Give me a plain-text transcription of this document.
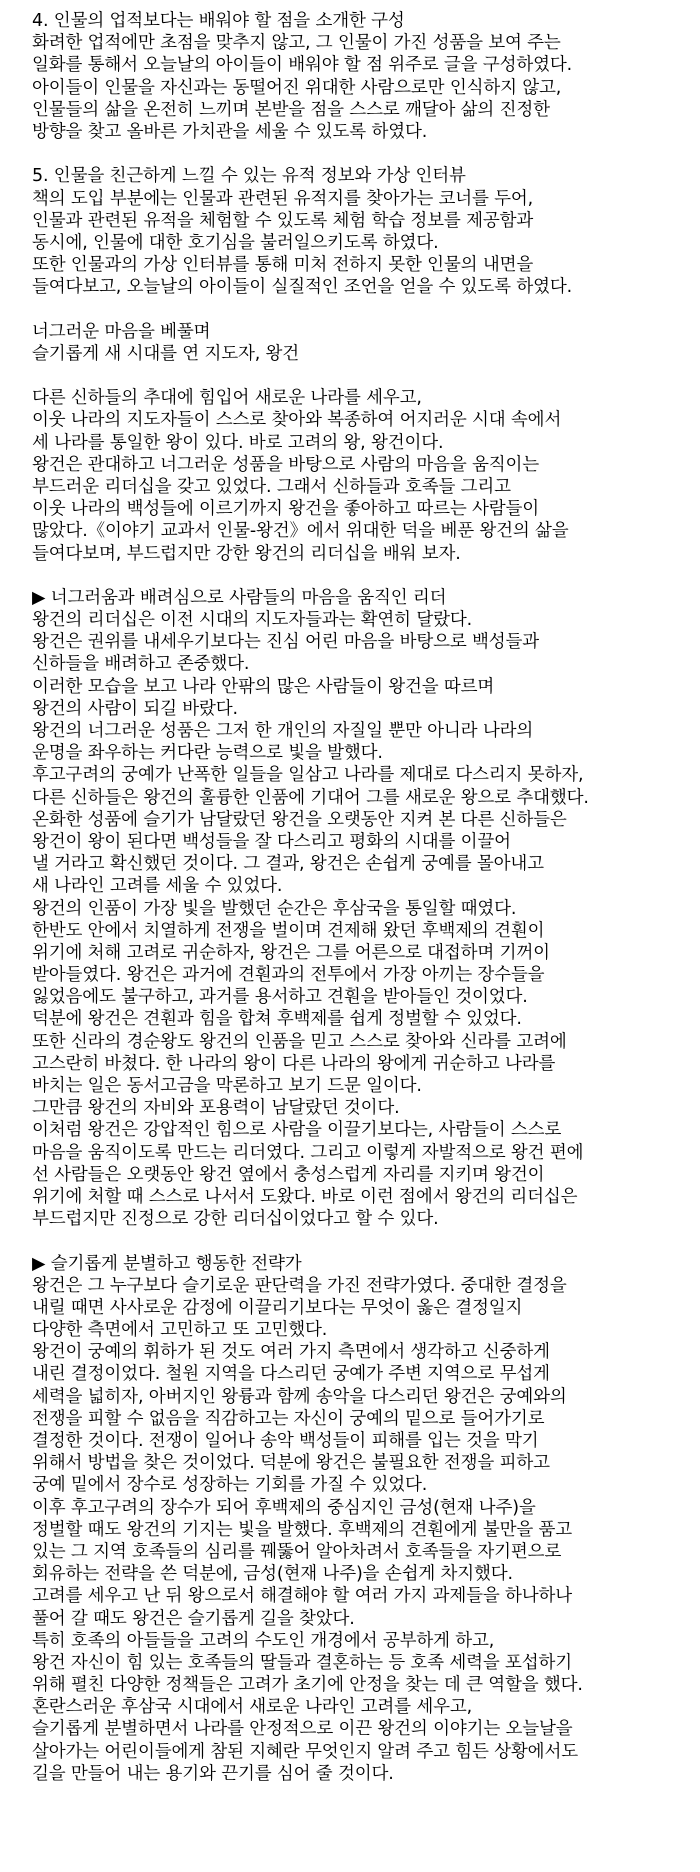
4. 인물의 업적보다는 배워야 할 점을 소개한 구성
화려한 업적에만 초점을 맞추지 않고, 그 인물이 가진 성품을 보여 주는
일화를 통해서 오늘날의 아이들이 배워야 할 점 위주로 글을 구성하였다.
아이들이 인물을 자신과는 동떨어진 위대한 사람으로만 인식하지 않고,
인물들의 삶을 온전히 느끼며 본받을 점을 스스로 깨달아 삶의 진정한
방향을 찾고 올바른 가치관을 세울 수 있도록 하였다.
5. 인물을 친근하게 느낄 수 있는 유적 정보와 가상 인터뷰
책의 도입 부분에는 인물과 관련된 유적지를 찾아가는 코너를 두어,
인물과 관련된 유적을 체험할 수 있도록 체험 학습 정보를 제공함과
동시에, 인물에 대한 호기심을 불러일으키도록 하였다.
또한 인물과의 가상 인터뷰를 통해 미처 전하지 못한 인물의 내면을
들여다보고, 오늘날의 아이들이 실질적인 조언을 얻을 수 있도록 하였다.
너그러운 마음을 베풀며
슬기롭게 새 시대를 연 지도자, 왕건
다른 신하들의 추대에 힘입어 새로운 나라를 세우고,
이웃 나라의 지도자들이 스스로 찾아와 복종하여 어지러운 시대 속에서
세 나라를 통일한 왕이 있다. 바로 고려의 왕, 왕건이다.
왕건은 관대하고 너그러운 성품을 바탕으로 사람의 마음을 움직이는
부드러운 리더십을 갖고 있었다. 그래서 신하들과 호족들 그리고
이웃 나라의 백성들에 이르기까지 왕건을 좋아하고 따르는 사람들이
많았다.《이야기 교과서 인물-왕건》에서 위대한 덕을 베푼 왕건의 삶을
들여다보며, 부드럽지만 강한 왕건의 리더십을 배워 보자.
▶ 너그러움과 배려심으로 사람들의 마음을 움직인 리더
왕건의 리더십은 이전 시대의 지도자들과는 확연히 달랐다.
왕건은 권위를 내세우기보다는 진심 어린 마음을 바탕으로 백성들과
신하들을 배려하고 존중했다.
이러한 모습을 보고 나라 안팎의 많은 사람들이 왕건을 따르며
왕건의 사람이 되길 바랐다.
왕건의 너그러운 성품은 그저 한 개인의 자질일 뿐만 아니라 나라의
운명을 좌우하는 커다란 능력으로 빛을 발했다.
후고구려의 궁예가 난폭한 일들을 일삼고 나라를 제대로 다스리지 못하자,
다른 신하들은 왕건의 훌륭한 인품에 기대어 그를 새로운 왕으로 추대했다.
온화한 성품에 슬기가 남달랐던 왕건을 오랫동안 지켜 본 다른 신하들은
왕건이 왕이 된다면 백성들을 잘 다스리고 평화의 시대를 이끌어
낼 거라고 확신했던 것이다. 그 결과, 왕건은 손쉽게 궁예를 몰아내고
새 나라인 고려를 세울 수 있었다.
왕건의 인품이 가장 빛을 발했던 순간은 후삼국을 통일할 때였다.
한반도 안에서 치열하게 전쟁을 벌이며 견제해 왔던 후백제의 견훤이
위기에 처해 고려로 귀순하자, 왕건은 그를 어른으로 대접하며 기꺼이
받아들였다. 왕건은 과거에 견훤과의 전투에서 가장 아끼는 장수들을
잃었음에도 불구하고, 과거를 용서하고 견훤을 받아들인 것이었다.
덕분에 왕건은 견훤과 힘을 합쳐 후백제를 쉽게 정벌할 수 있었다.
또한 신라의 경순왕도 왕건의 인품을 믿고 스스로 찾아와 신라를 고려에
고스란히 바쳤다. 한 나라의 왕이 다른 나라의 왕에게 귀순하고 나라를
바치는 일은 동서고금을 막론하고 보기 드문 일이다.
그만큼 왕건의 자비와 포용력이 남달랐던 것이다.
이처럼 왕건은 강압적인 힘으로 사람을 이끌기보다는, 사람들이 스스로
마음을 움직이도록 만드는 리더였다. 그리고 이렇게 자발적으로 왕건 편에
선 사람들은 오랫동안 왕건 옆에서 충성스럽게 자리를 지키며 왕건이
위기에 처할 때 스스로 나서서 도왔다. 바로 이런 점에서 왕건의 리더십은
부드럽지만 진정으로 강한 리더십이었다고 할 수 있다.
▶ 슬기롭게 분별하고 행동한 전략가
왕건은 그 누구보다 슬기로운 판단력을 가진 전략가였다. 중대한 결정을
내릴 때면 사사로운 감정에 이끌리기보다는 무엇이 옳은 결정일지
다양한 측면에서 고민하고 또 고민했다.
왕건이 궁예의 휘하가 된 것도 여러 가지 측면에서 생각하고 신중하게
내린 결정이었다. 철원 지역을 다스리던 궁예가 주변 지역으로 무섭게
세력을 넓히자, 아버지인 왕륭과 함께 송악을 다스리던 왕건은 궁예와의
전쟁을 피할 수 없음을 직감하고는 자신이 궁예의 밑으로 들어가기로
결정한 것이다. 전쟁이 일어나 송악 백성들이 피해를 입는 것을 막기
위해서 방법을 찾은 것이었다. 덕분에 왕건은 불필요한 전쟁을 피하고
궁예 밑에서 장수로 성장하는 기회를 가질 수 있었다.
이후 후고구려의 장수가 되어 후백제의 중심지인 금성(현재 나주)을
정벌할 때도 왕건의 기지는 빛을 발했다. 후백제의 견훤에게 불만을 품고
있는 그 지역 호족들의 심리를 꿰뚫어 알아차려서 호족들을 자기편으로
회유하는 전략을 쓴 덕분에, 금성(현재 나주)을 손쉽게 차지했다.
고려를 세우고 난 뒤 왕으로서 해결해야 할 여러 가지 과제들을 하나하나
풀어 갈 때도 왕건은 슬기롭게 길을 찾았다.
특히 호족의 아들들을 고려의 수도인 개경에서 공부하게 하고,
왕건 자신이 힘 있는 호족들의 딸들과 결혼하는 등 호족 세력을 포섭하기
위해 펼친 다양한 정책들은 고려가 초기에 안정을 찾는 데 큰 역할을 했다.
혼란스러운 후삼국 시대에서 새로운 나라인 고려를 세우고,
슬기롭게 분별하면서 나라를 안정적으로 이끈 왕건의 이야기는 오늘날을
살아가는 어린이들에게 참된 지혜란 무엇인지 알려 주고 힘든 상황에서도
길을 만들어 내는 용기와 끈기를 심어 줄 것이다.
